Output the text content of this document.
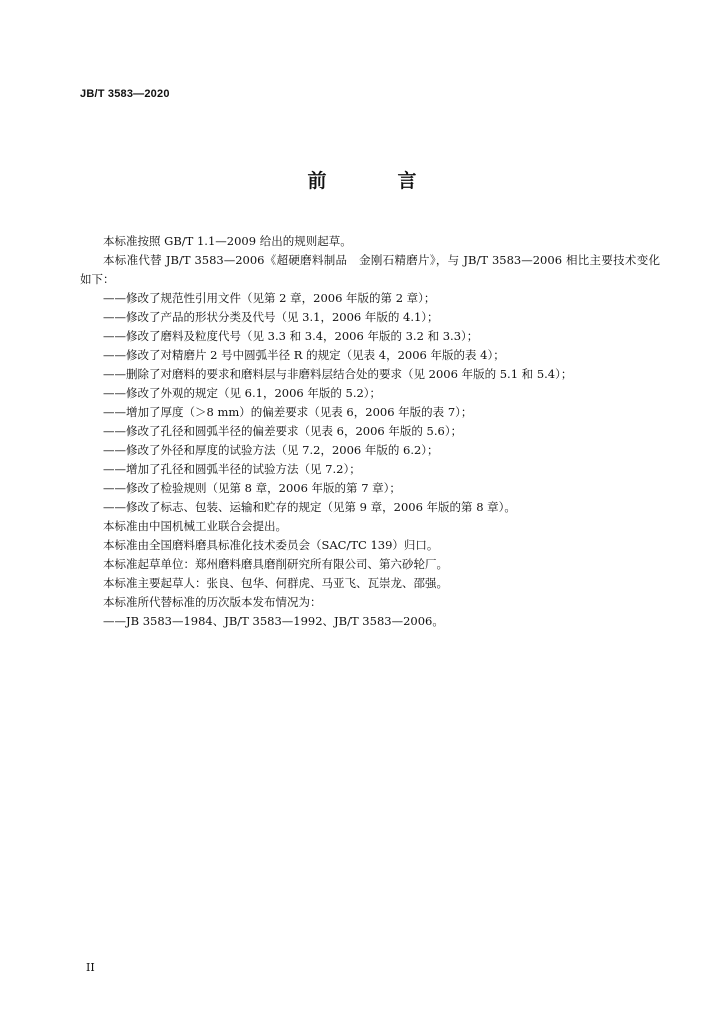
JB/T 3583—2020
前　言

本标准按照 GB/T 1.1—2009 给出的规则起草。

本标准代替 JB/T 3583—2006《超硬磨料制品　金刚石精磨片》，与 JB/T 3583—2006 相比主要技术变化如下：

——修改了规范性引用文件（见第 2 章，2006 年版的第 2 章）；

——修改了产品的形状分类及代号（见 3.1，2006 年版的 4.1）；

——修改了磨料及粒度代号（见 3.3 和 3.4，2006 年版的 3.2 和 3.3）；

——修改了对精磨片 2 号中圆弧半径 R 的规定（见表 4，2006 年版的表 4）；

——删除了对磨料的要求和磨料层与非磨料层结合处的要求（见 2006 年版的 5.1 和 5.4）；

——修改了外观的规定（见 6.1，2006 年版的 5.2）；

——增加了厚度（＞8 mm）的偏差要求（见表 6，2006 年版的表 7）；

——修改了孔径和圆弧半径的偏差要求（见表 6，2006 年版的 5.6）；

——修改了外径和厚度的试验方法（见 7.2，2006 年版的 6.2）；

——增加了孔径和圆弧半径的试验方法（见 7.2）；

——修改了检验规则（见第 8 章，2006 年版的第 7 章）；

——修改了标志、包装、运输和贮存的规定（见第 9 章，2006 年版的第 8 章）。

本标准由中国机械工业联合会提出。

本标准由全国磨料磨具标准化技术委员会（SAC/TC 139）归口。

本标准起草单位：郑州磨料磨具磨削研究所有限公司、第六砂轮厂。

本标准主要起草人：张良、包华、何群虎、马亚飞、瓦崇龙、邵强。

本标准所代替标准的历次版本发布情况为：

——JB 3583—1984、JB/T 3583—1992、JB/T 3583—2006。

II
